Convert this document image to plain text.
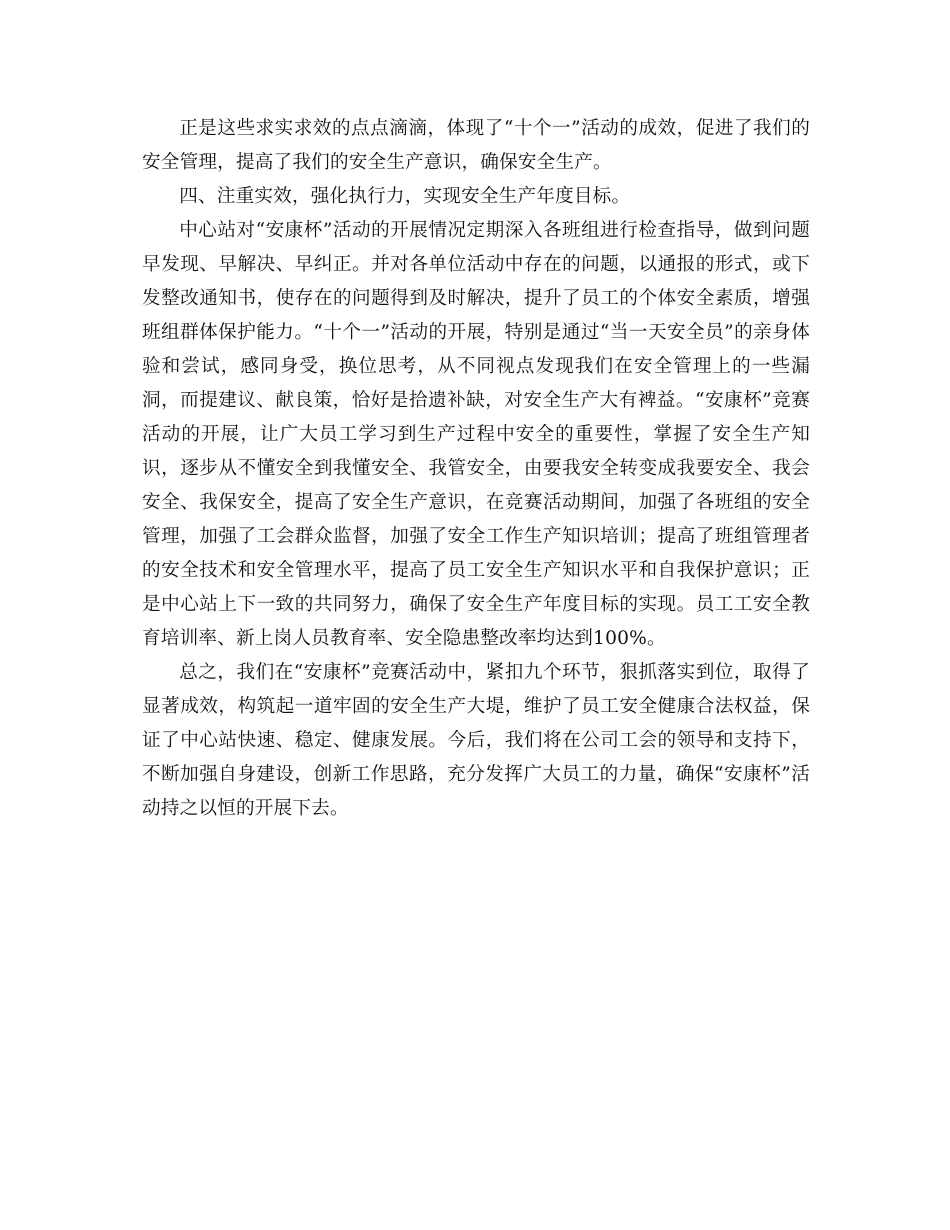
正是这些求实求效的点点滴滴，体现了“十个一”活动的成效，促进了我们的安全管理，提高了我们的安全生产意识，确保安全生产。

四、注重实效，强化执行力，实现安全生产年度目标。

中心站对“安康杯”活动的开展情况定期深入各班组进行检查指导，做到问题早发现、早解决、早纠正。并对各单位活动中存在的问题，以通报的形式，或下发整改通知书，使存在的问题得到及时解决，提升了员工的个体安全素质，增强班组群体保护能力。“十个一”活动的开展，特别是通过“当一天安全员”的亲身体验和尝试，感同身受，换位思考，从不同视点发现我们在安全管理上的一些漏洞，而提建议、献良策，恰好是拾遗补缺，对安全生产大有裨益。“安康杯”竞赛活动的开展，让广大员工学习到生产过程中安全的重要性，掌握了安全生产知识，逐步从不懂安全到我懂安全、我管安全，由要我安全转变成我要安全、我会安全、我保安全，提高了安全生产意识，在竞赛活动期间，加强了各班组的安全管理，加强了工会群众监督，加强了安全工作生产知识培训；提高了班组管理者的安全技术和安全管理水平，提高了员工安全生产知识水平和自我保护意识；正是中心站上下一致的共同努力，确保了安全生产年度目标的实现。员工工安全教育培训率、新上岗人员教育率、安全隐患整改率均达到100%。

总之，我们在“安康杯”竞赛活动中，紧扣九个环节，狠抓落实到位，取得了显著成效，构筑起一道牢固的安全生产大堤，维护了员工安全健康合法权益，保证了中心站快速、稳定、健康发展。今后，我们将在公司工会的领导和支持下，不断加强自身建设，创新工作思路，充分发挥广大员工的力量，确保“安康杯”活动持之以恒的开展下去。
